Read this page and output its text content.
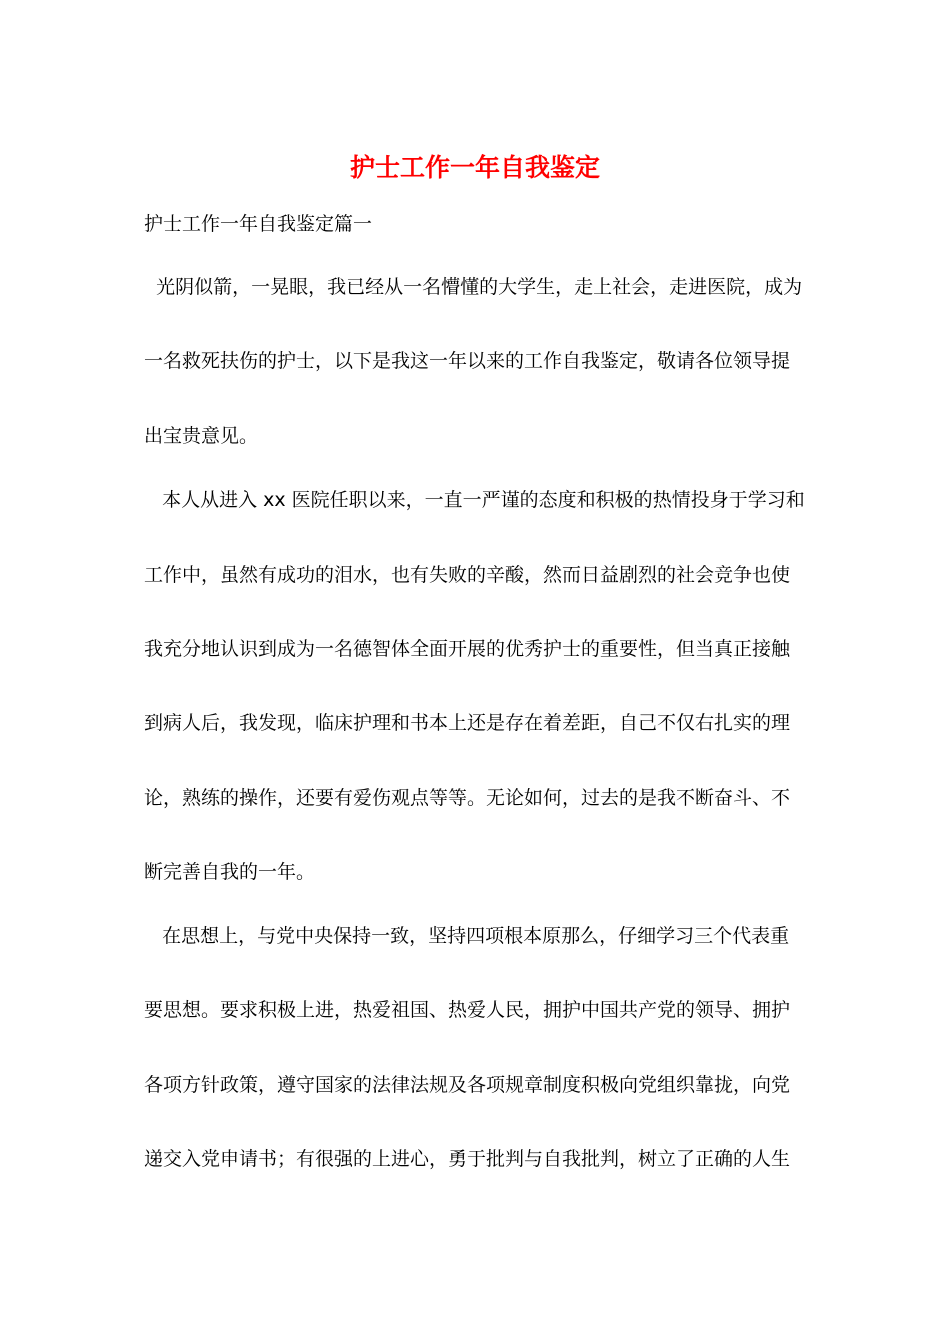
护士工作一年自我鉴定
护士工作一年自我鉴定篇一
光阴似箭，一晃眼，我已经从一名懵懂的大学生，走上社会，走进医院，成为
一名救死扶伤的护士，以下是我这一年以来的工作自我鉴定，敬请各位领导提
出宝贵意见。
本人从进入 xx 医院任职以来，一直一严谨的态度和积极的热情投身于学习和
工作中，虽然有成功的泪水，也有失败的辛酸，然而日益剧烈的社会竞争也使
我充分地认识到成为一名德智体全面开展的优秀护士的重要性，但当真正接触
到病人后，我发现，临床护理和书本上还是存在着差距，自己不仅右扎实的理
论，熟练的操作，还要有爱伤观点等等。无论如何，过去的是我不断奋斗、不
断完善自我的一年。
在思想上，与党中央保持一致，坚持四项根本原那么，仔细学习三个代表重
要思想。要求积极上进，热爱祖国、热爱人民，拥护中国共产党的领导、拥护
各项方针政策，遵守国家的法律法规及各项规章制度积极向党组织靠拢，向党
递交入党申请书；有很强的上进心，勇于批判与自我批判，树立了正确的人生
